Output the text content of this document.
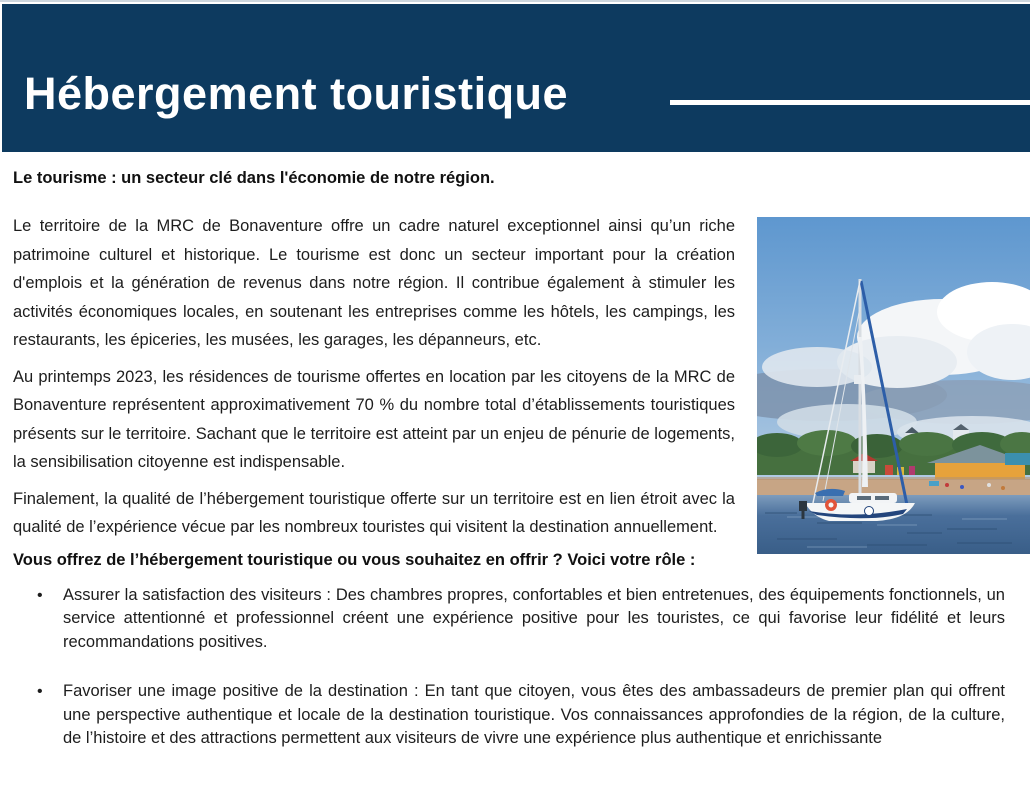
Hébergement touristique
Le tourisme : un secteur clé dans l'économie de notre région.

Le territoire de la MRC de Bonaventure offre un cadre naturel exceptionnel ainsi qu’un riche patrimoine culturel et historique. Le tourisme est donc un secteur important pour la création d'emplois et la génération de revenus dans notre région. Il contribue également à stimuler les activités économiques locales, en soutenant les entreprises comme les hôtels, les campings, les restaurants, les épiceries, les musées, les garages, les dépanneurs, etc.

Au printemps 2023, les résidences de tourisme offertes en location par les citoyens de la MRC de Bonaventure représentent approximativement 70 % du nombre total d’établissements touristiques présents sur le territoire. Sachant que le territoire est atteint par un enjeu de pénurie de logements, la sensibilisation citoyenne est indispensable.

Finalement, la qualité de l’hébergement touristique offerte sur un territoire est en lien étroit avec la qualité de l’expérience vécue par les nombreux touristes qui visitent la destination annuellement.

Vous offrez de l’hébergement touristique ou vous souhaitez en offrir ? Voici votre rôle :
• Assurer la satisfaction des visiteurs : Des chambres propres, confortables et bien entretenues, des équipements fonctionnels, un service attentionné et professionnel créent une expérience positive pour les touristes, ce qui favorise leur fidélité et leurs recommandations positives.
• Favoriser une image positive de la destination : En tant que citoyen, vous êtes des ambassadeurs de premier plan qui offrent une perspective authentique et locale de la destination touristique. Vos connaissances approfondies de la région, de la culture, de l’histoire et des attractions permettent aux visiteurs de vivre une expérience plus authentique et enrichissante
